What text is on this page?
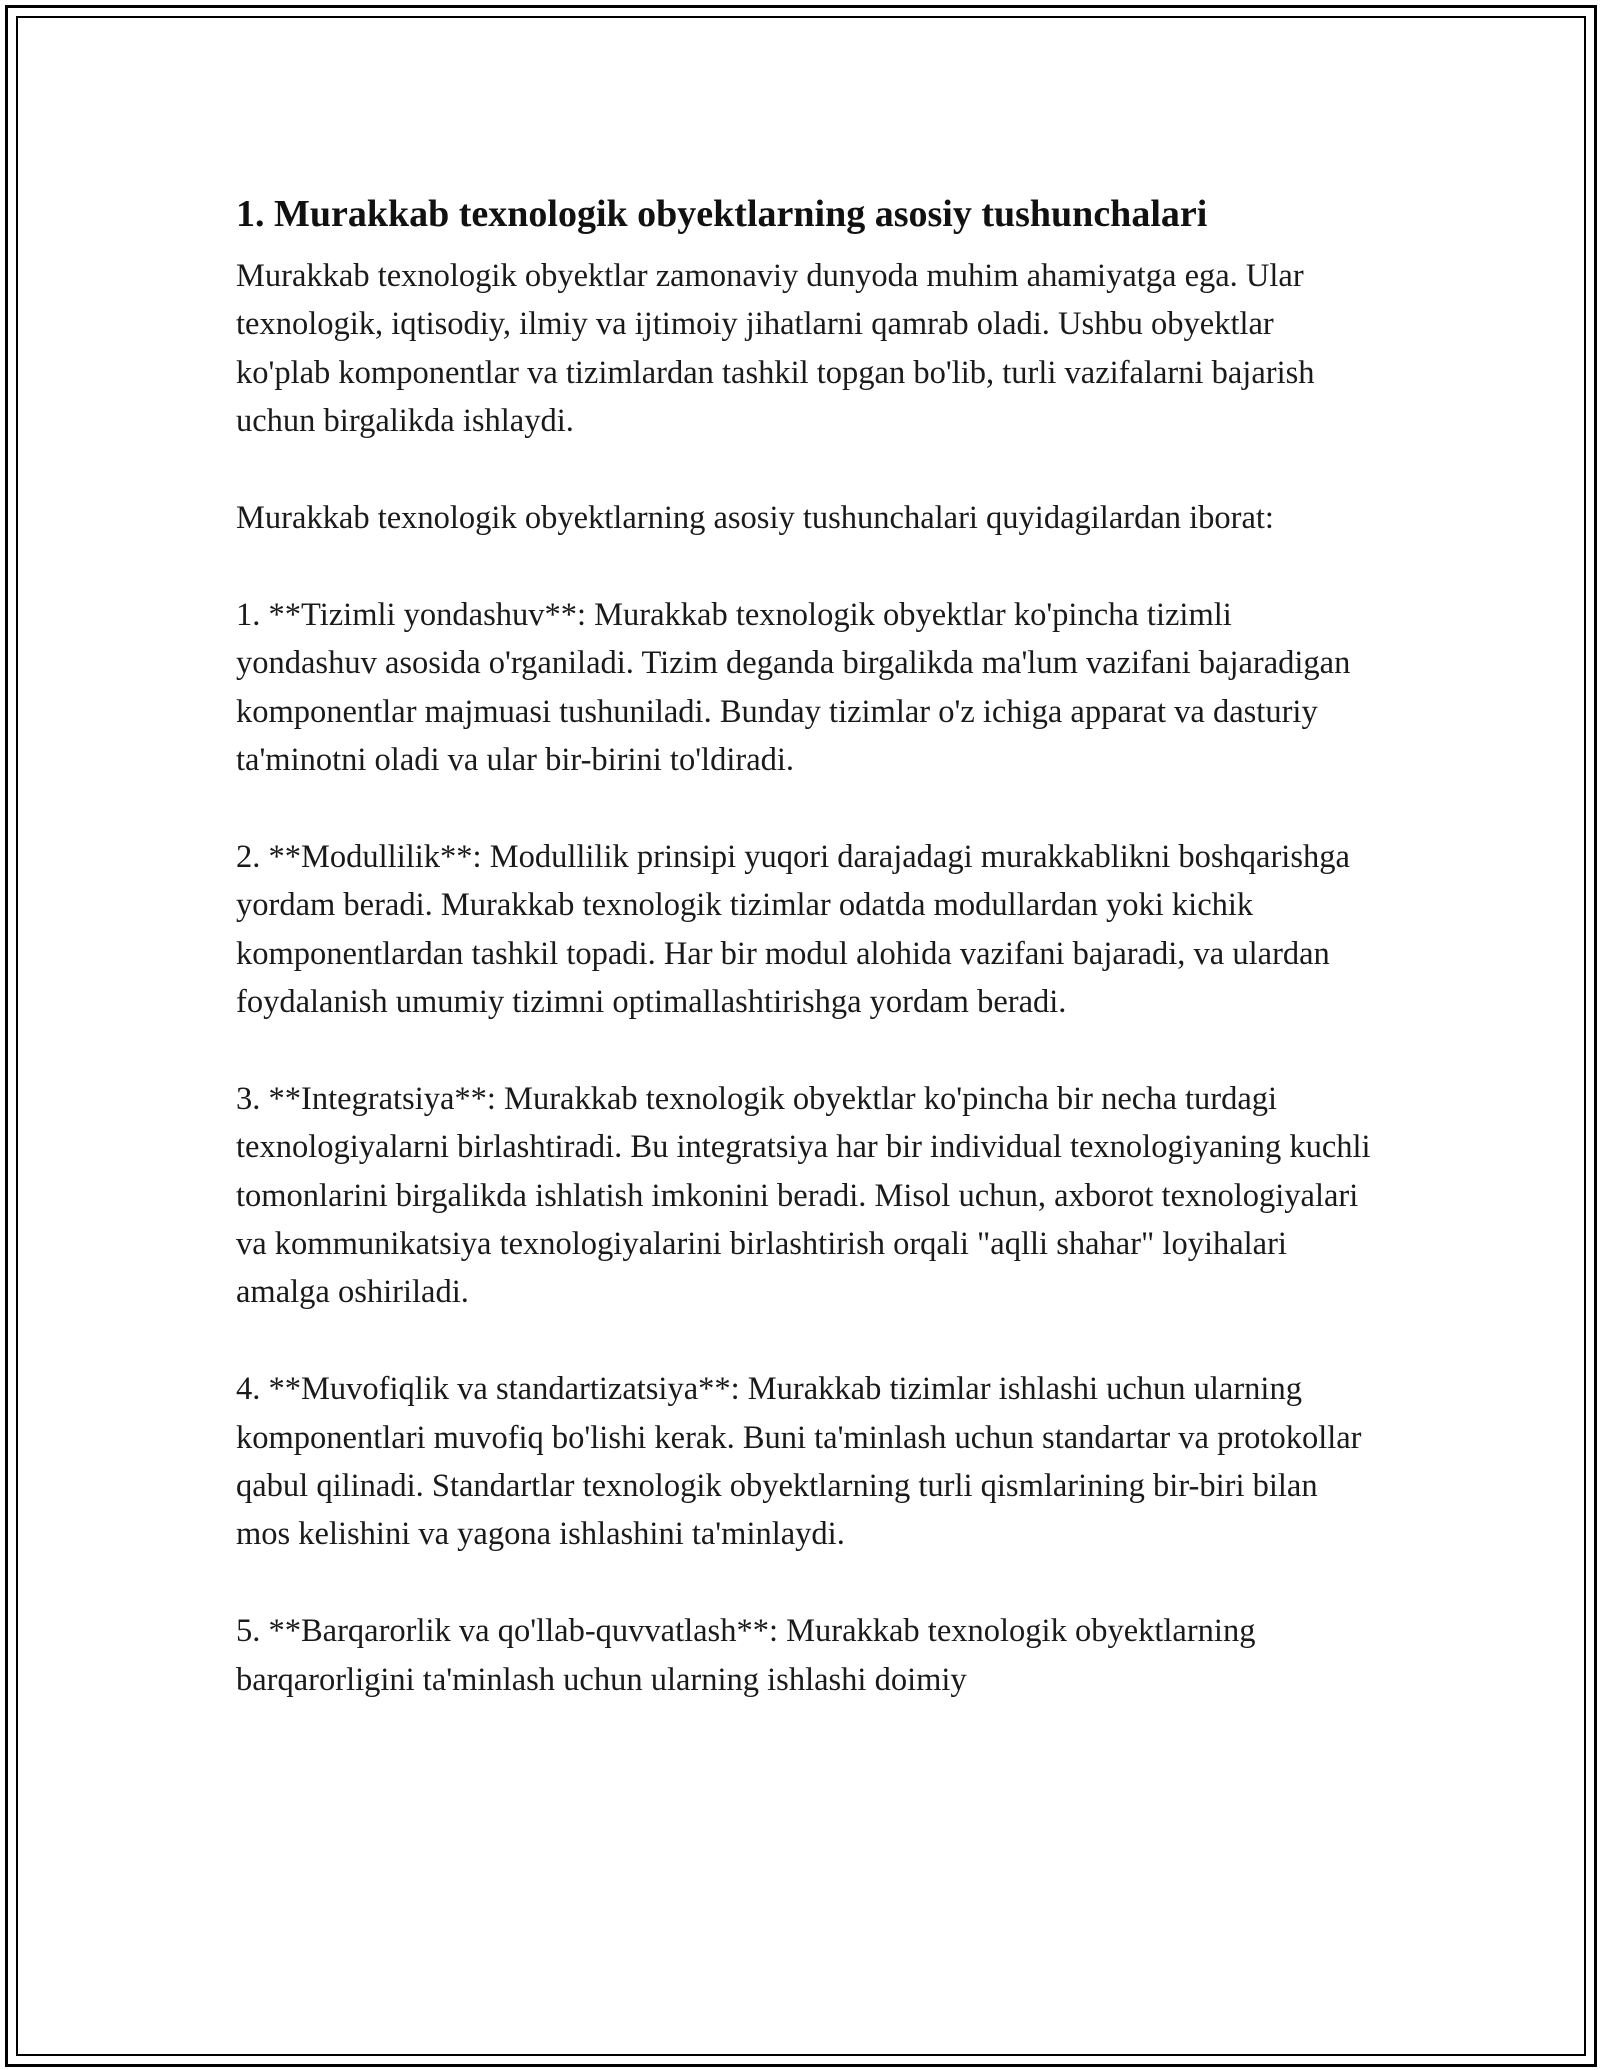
1. Murakkab texnologik obyektlarning asosiy tushunchalari

Murakkab texnologik obyektlar zamonaviy dunyoda muhim ahamiyatga ega. Ular texnologik, iqtisodiy, ilmiy va ijtimoiy jihatlarni qamrab oladi. Ushbu obyektlar ko'plab komponentlar va tizimlardan tashkil topgan bo'lib, turli vazifalarni bajarish uchun birgalikda ishlaydi.

Murakkab texnologik obyektlarning asosiy tushunchalari quyidagilardan iborat:

1. **Tizimli yondashuv**: Murakkab texnologik obyektlar ko'pincha tizimli yondashuv asosida o'rganiladi. Tizim deganda birgalikda ma'lum vazifani bajaradigan komponentlar majmuasi tushuniladi. Bunday tizimlar o'z ichiga apparat va dasturiy ta'minotni oladi va ular bir-birini to'ldiradi.

2. **Modullilik**: Modullilik prinsipi yuqori darajadagi murakkablikni boshqarishga yordam beradi. Murakkab texnologik tizimlar odatda modullardan yoki kichik komponentlardan tashkil topadi. Har bir modul alohida vazifani bajaradi, va ulardan foydalanish umumiy tizimni optimallashtirishga yordam beradi.

3. **Integratsiya**: Murakkab texnologik obyektlar ko'pincha bir necha turdagi texnologiyalarni birlashtiradi. Bu integratsiya har bir individual texnologiyaning kuchli tomonlarini birgalikda ishlatish imkonini beradi. Misol uchun, axborot texnologiyalari va kommunikatsiya texnologiyalarini birlashtirish orqali "aqlli shahar" loyihalari amalga oshiriladi.

4. **Muvofiqlik va standartizatsiya**: Murakkab tizimlar ishlashi uchun ularning komponentlari muvofiq bo'lishi kerak. Buni ta'minlash uchun standartar va protokollar qabul qilinadi. Standartlar texnologik obyektlarning turli qismlarining bir-biri bilan mos kelishini va yagona ishlashini ta'minlaydi.

5. **Barqarorlik va qo'llab-quvvatlash**: Murakkab texnologik obyektlarning barqarorligini ta'minlash uchun ularning ishlashi doimiy
